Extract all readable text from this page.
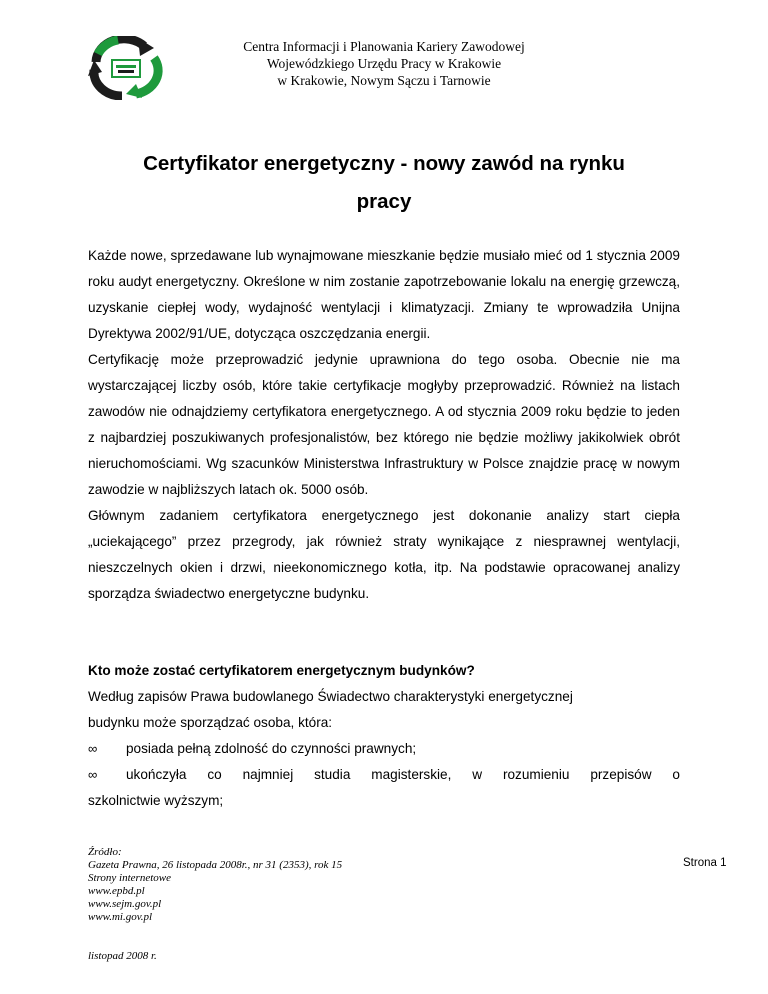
Centra Informacji i Planowania Kariery Zawodowej
Wojewódzkiego Urzędu Pracy w Krakowie
w Krakowie, Nowym Sączu i Tarnowie
Certyfikator energetyczny - nowy zawód na rynku
pracy

Każde nowe, sprzedawane lub wynajmowane mieszkanie będzie musiało mieć od 1 stycznia 2009 roku audyt energetyczny. Określone w nim zostanie zapotrzebowanie lokalu na energię grzewczą, uzyskanie ciepłej wody, wydajność wentylacji i klimatyzacji. Zmiany te wprowadziła Unijna Dyrektywa 2002/91/UE, dotycząca oszczędzania energii.

Certyfikację może przeprowadzić jedynie uprawniona do tego osoba. Obecnie nie ma wystarczającej liczby osób, które takie certyfikacje mogłyby przeprowadzić. Również na listach zawodów nie odnajdziemy certyfikatora energetycznego. A od stycznia 2009 roku będzie to jeden z najbardziej poszukiwanych profesjonalistów, bez którego nie będzie możliwy jakikolwiek obrót nieruchomościami. Wg szacunków Ministerstwa Infrastruktury w Polsce znajdzie pracę w nowym zawodzie w najbliższych latach ok. 5000 osób.

Głównym zadaniem certyfikatora energetycznego jest dokonanie analizy start ciepła „uciekającego” przez przegrody, jak również straty wynikające z niesprawnej wentylacji, nieszczelnych okien i drzwi, nieekonomicznego kotła, itp. Na podstawie opracowanej analizy sporządza świadectwo energetyczne budynku.

Kto może zostać certyfikatorem energetycznym budynków?

Według zapisów Prawa budowlanego Świadectwo charakterystyki energetycznej

budynku może sporządzać osoba, która:

∞	posiada pełną zdolność do czynności prawnych;
∞	ukończyła co najmniej studia magisterskie, w rozumieniu przepisów o

szkolnictwie wyższym;

Źródło:
Gazeta Prawna, 26 listopada 2008r., nr 31 (2353), rok 15
Strony internetowe
www.epbd.pl
www.sejm.gov.pl
www.mi.gov.pl
listopad 2008 r.
Strona 1
